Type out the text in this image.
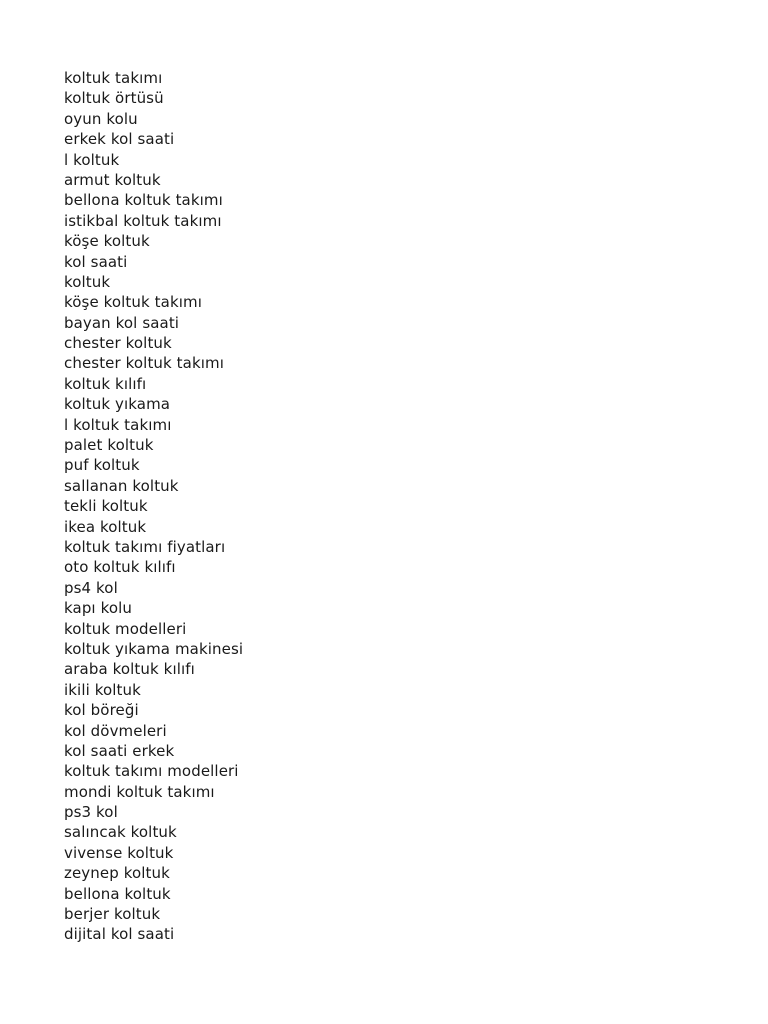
koltuk takımı
koltuk örtüsü
oyun kolu
erkek kol saati
l koltuk
armut koltuk
bellona koltuk takımı
istikbal koltuk takımı
köşe koltuk
kol saati
koltuk
köşe koltuk takımı
bayan kol saati
chester koltuk
chester koltuk takımı
koltuk kılıfı
koltuk yıkama
l koltuk takımı
palet koltuk
puf koltuk
sallanan koltuk
tekli koltuk
ikea koltuk
koltuk takımı fiyatları
oto koltuk kılıfı
ps4 kol
kapı kolu
koltuk modelleri
koltuk yıkama makinesi
araba koltuk kılıfı
ikili koltuk
kol böreği
kol dövmeleri
kol saati erkek
koltuk takımı modelleri
mondi koltuk takımı
ps3 kol
salıncak koltuk
vivense koltuk
zeynep koltuk
bellona koltuk
berjer koltuk
dijital kol saati
